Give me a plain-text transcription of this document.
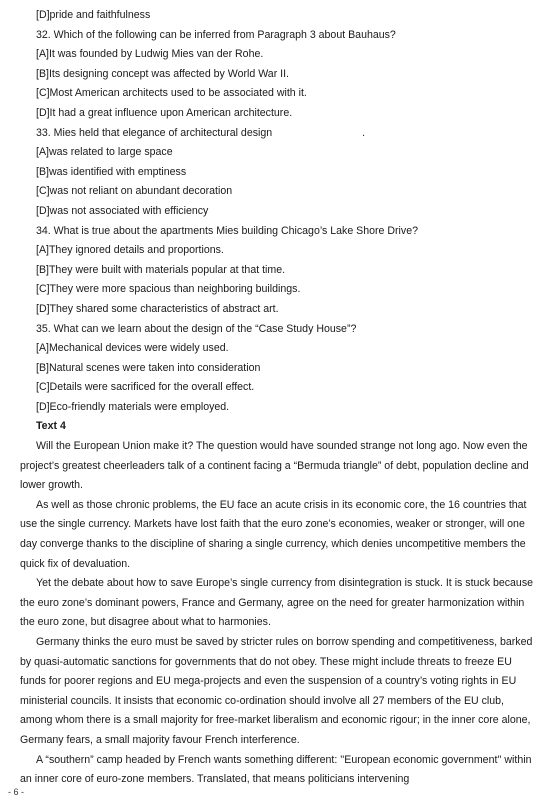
[D]pride and faithfulness
32. Which of the following can be inferred from Paragraph 3 about Bauhaus?
[A]It was founded by Ludwig Mies van der Rohe.
[B]Its designing concept was affected by World War II.
[C]Most American architects used to be associated with it.
[D]It had a great influence upon American architecture.
33. Mies held that elegance of architectural design	.
[A]was related to large space
[B]was identified with emptiness
[C]was not reliant on abundant decoration
[D]was not associated with efficiency
34. What is true about the apartments Mies building Chicago’s Lake Shore Drive?
[A]They ignored details and proportions.
[B]They were built with materials popular at that time.
[C]They were more spacious than neighboring buildings.
[D]They shared some characteristics of abstract art.
35. What can we learn about the design of the “Case Study House”?
[A]Mechanical devices were widely used.
[B]Natural scenes were taken into consideration
[C]Details were sacrificed for the overall effect.
[D]Eco-friendly materials were employed.
Text 4

Will the European Union make it? The question would have sounded strange not long ago. Now even the project’s greatest cheerleaders talk of a continent facing a “Bermuda triangle” of debt, population decline and lower growth.

As well as those chronic problems, the EU face an acute crisis in its economic core, the 16 countries that use the single currency. Markets have lost faith that the euro zone’s economies, weaker or stronger, will one day converge thanks to the discipline of sharing a single currency, which denies uncompetitive members the quick fix of devaluation.

Yet the debate about how to save Europe’s single currency from disintegration is stuck. It is stuck because the euro zone’s dominant powers, France and Germany, agree on the need for greater harmonization within the euro zone, but disagree about what to harmonies.

Germany thinks the euro must be saved by stricter rules on borrow spending and competitiveness, barked by quasi-automatic sanctions for governments that do not obey. These might include threats to freeze EU funds for poorer regions and EU mega-projects and even the suspension of a country’s voting rights in EU ministerial councils. It insists that economic co-ordination should involve all 27 members of the EU club, among whom there is a small majority for free-market liberalism and economic rigour; in the inner core alone, Germany fears, a small majority favour French interference.

A “southern” camp headed by French wants something different: ''European economic government'' within an inner core of euro-zone members. Translated, that means politicians intervening

- 6 -
